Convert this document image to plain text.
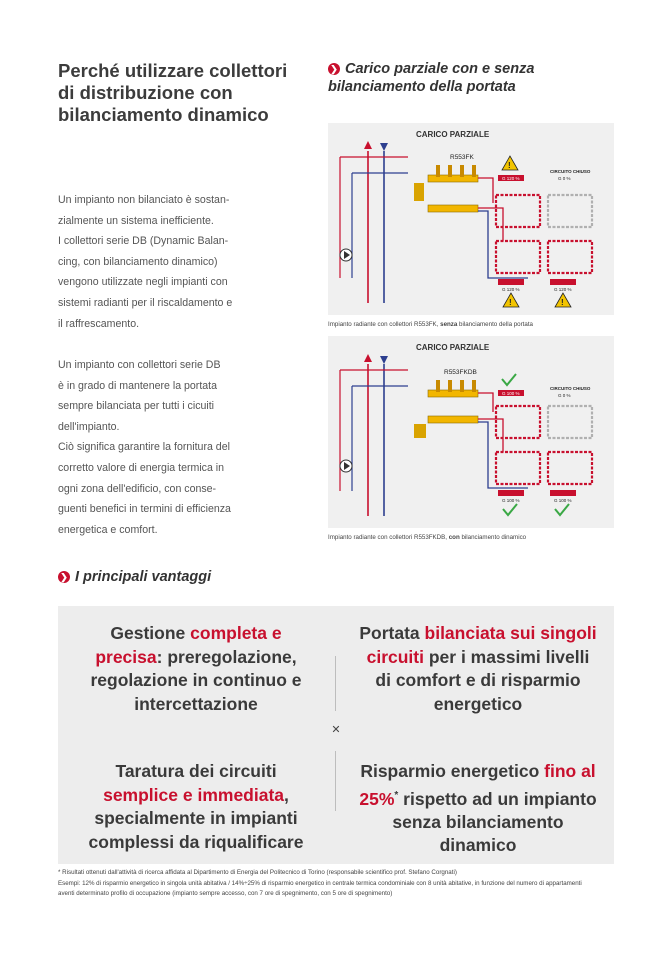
Perché utilizzare collettori di distribuzione con bilanciamento dinamico

Un impianto non bilanciato è sostan-
zialmente un sistema inefficiente.
I collettori serie DB (Dynamic Balan-
cing, con bilanciamento dinamico)
vengono utilizzate negli impianti con
sistemi radianti per il riscaldamento e
il raffrescamento.

Un impianto con collettori serie DB
è in grado di mantenere la portata
sempre bilanciata per tutti i cicuiti
dell'impianto.
Ciò significa garantire la fornitura del
corretto valore di energia termica in
ogni zona dell'edificio, con conse-
guenti benefici in termini di efficienza
energetica e comfort.

❯ Carico parziale con e senza
bilanciamento della portata
CARICO PARZIALE
R553FK
!
G 120 %
CIRCUITO CHIUSO
G 0 %
G 120 %	G 120 %
!	!
Impianto radiante con collettori R553FK, senza bilanciamento della portata
CARICO PARZIALE
R553FKDB
G 100 %
CIRCUITO CHIUSO
G 0 %
G 100 %	G 100 %
Impianto radiante con collettori R553FKDB, con bilanciamento dinamico
❯ I principali vantaggi
Gestione completa e precisa: preregolazione, regolazione in continuo e intercettazione
Portata bilanciata sui singoli circuiti per i massimi livelli di comfort e di risparmio energetico
Taratura dei circuiti semplice e immediata, specialmente in impianti complessi da riqualificare
Risparmio energetico fino al 25%* rispetto ad un impianto senza bilanciamento dinamico
✕
* Risultati ottenuti dall'attività di ricerca affidata al Dipartimento di Energia del Politecnico di Torino (responsabile scientifico prof. Stefano Corgnati)
Esempi: 12% di risparmio energetico in singola unità abitativa / 14%÷25% di risparmio energetico in centrale termica condominiale con 8 unità abitative, in funzione del numero di appartamenti
aventi determinato profilo di occupazione (impianto sempre accesso, con 7 ore di spegnimento, con 5 ore di spegnimento)
